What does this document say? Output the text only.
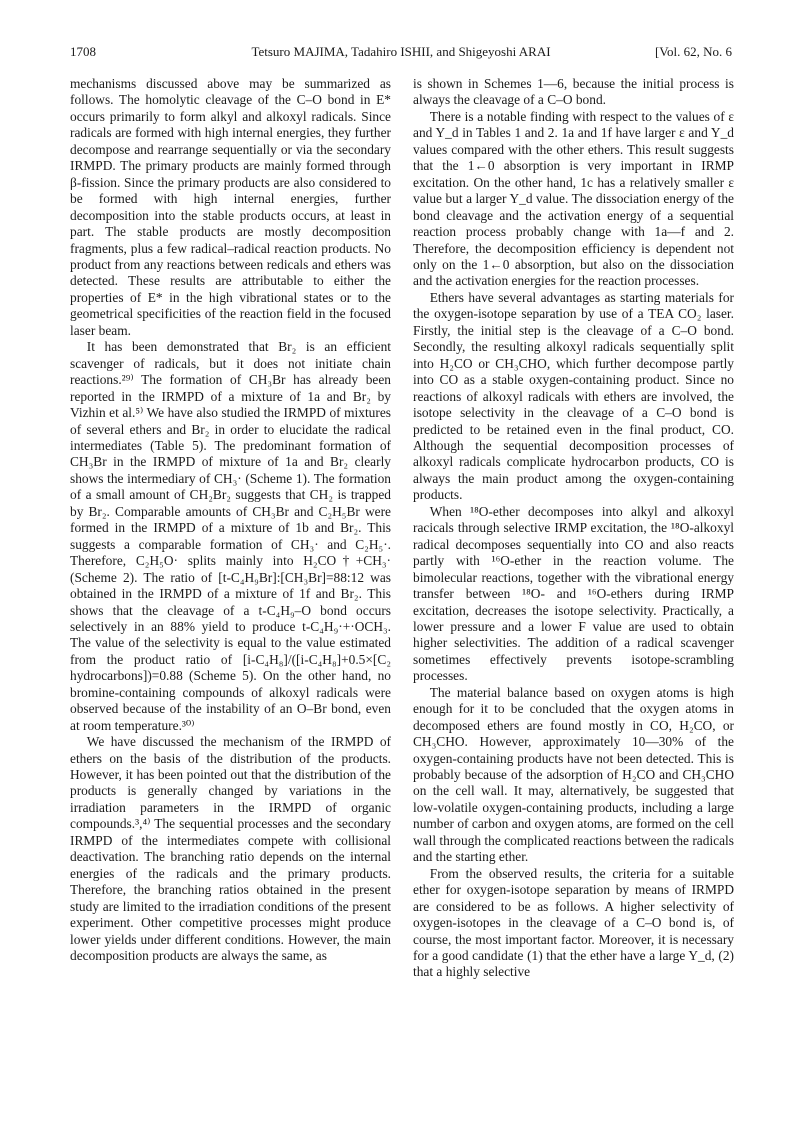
1708	Tetsuro MAJIMA, Tadahiro ISHII, and Shigeyoshi ARAI	[Vol. 62, No. 6

mechanisms discussed above may be summarized as follows. The homolytic cleavage of the C–O bond in E* occurs primarily to form alkyl and alkoxyl radicals. Since radicals are formed with high internal energies, they further decompose and rearrange sequentially or via the secondary IRMPD. The primary products are mainly formed through β-fission. Since the primary products are also considered to be formed with high internal energies, further decomposition into the stable products occurs, at least in part. The stable products are mostly decomposition fragments, plus a few radical–radical reaction products. No product from any reactions between redicals and ethers was detected. These results are attributable to either the properties of E* in the high vibrational states or to the geometrical specificities of the reaction field in the focused laser beam.

It has been demonstrated that Br₂ is an efficient scavenger of radicals, but it does not initiate chain reactions.²⁹⁾ The formation of CH₃Br has already been reported in the IRMPD of a mixture of 1a and Br₂ by Vizhin et al.⁵⁾ We have also studied the IRMPD of mixtures of several ethers and Br₂ in order to elucidate the radical intermediates (Table 5). The predominant formation of CH₃Br in the IRMPD of mixture of 1a and Br₂ clearly shows the intermediary of CH₃· (Scheme 1). The formation of a small amount of CH₂Br₂ suggests that CH₂ is trapped by Br₂. Comparable amounts of CH₃Br and C₂H₅Br were formed in the IRMPD of a mixture of 1b and Br₂. This suggests a comparable formation of CH₃· and C₂H₅·. Therefore, C₂H₅O· splits mainly into H₂CO†+CH₃· (Scheme 2). The ratio of [t-C₄H₉Br]:[CH₃Br]=88:12 was obtained in the IRMPD of a mixture of 1f and Br₂. This shows that the cleavage of a t-C₄H₉–O bond occurs selectively in an 88% yield to produce t-C₄H₉·+·OCH₃. The value of the selectivity is equal to the value estimated from the product ratio of [i-C₄H₈]/([i-C₄H₈]+0.5×[C₂ hydrocarbons])=0.88 (Scheme 5). On the other hand, no bromine-containing compounds of alkoxyl radicals were observed because of the instability of an O–Br bond, even at room temperature.³⁰⁾

We have discussed the mechanism of the IRMPD of ethers on the basis of the distribution of the products. However, it has been pointed out that the distribution of the products is generally changed by variations in the irradiation parameters in the IRMPD of organic compounds.³,⁴⁾ The sequential processes and the secondary IRMPD of the intermediates compete with collisional deactivation. The branching ratio depends on the internal energies of the radicals and the primary products. Therefore, the branching ratios obtained in the present study are limited to the irradiation conditions of the present experiment. Other competitive processes might produce lower yields under different conditions. However, the main decomposition products are always the same, as

is shown in Schemes 1—6, because the initial process is always the cleavage of a C–O bond.

There is a notable finding with respect to the values of ε and Y_d in Tables 1 and 2. 1a and 1f have larger ε and Y_d values compared with the other ethers. This result suggests that the 1←0 absorption is very important in IRMP excitation. On the other hand, 1c has a relatively smaller ε value but a larger Y_d value. The dissociation energy of the bond cleavage and the activation energy of a sequential reaction process probably change with 1a—f and 2. Therefore, the decomposition efficiency is dependent not only on the 1←0 absorption, but also on the dissociation and the activation energies for the reaction processes.

Ethers have several advantages as starting materials for the oxygen-isotope separation by use of a TEA CO₂ laser. Firstly, the initial step is the cleavage of a C–O bond. Secondly, the resulting alkoxyl radicals sequentially split into H₂CO or CH₃CHO, which further decompose partly into CO as a stable oxygen-containing product. Since no reactions of alkoxyl radicals with ethers are involved, the isotope selectivity in the cleavage of a C–O bond is predicted to be retained even in the final product, CO. Although the sequential decomposition processes of alkoxyl radicals complicate hydrocarbon products, CO is always the main product among the oxygen-containing products.

When ¹⁸O-ether decomposes into alkyl and alkoxyl racicals through selective IRMP excitation, the ¹⁸O-alkoxyl radical decomposes sequentially into CO and also reacts partly with ¹⁶O-ether in the reaction volume. The bimolecular reactions, together with the vibrational energy transfer between ¹⁸O- and ¹⁶O-ethers during IRMP excitation, decreases the isotope selectivity. Practically, a lower pressure and a lower F value are used to obtain higher selectivities. The addition of a radical scavenger sometimes effectively prevents isotope-scrambling processes.

The material balance based on oxygen atoms is high enough for it to be concluded that the oxygen atoms in decomposed ethers are found mostly in CO, H₂CO, or CH₃CHO. However, approximately 10—30% of the oxygen-containing products have not been detected. This is probably because of the adsorption of H₂CO and CH₃CHO on the cell wall. It may, alternatively, be suggested that low-volatile oxygen-containing products, including a large number of carbon and oxygen atoms, are formed on the cell wall through the complicated reactions between the radicals and the starting ether.

From the observed results, the criteria for a suitable ether for oxygen-isotope separation by means of IRMPD are considered to be as follows. A higher selectivity of oxygen-isotopes in the cleavage of a C–O bond is, of course, the most important factor. Moreover, it is necessary for a good candidate (1) that the ether have a large Y_d, (2) that a highly selective
